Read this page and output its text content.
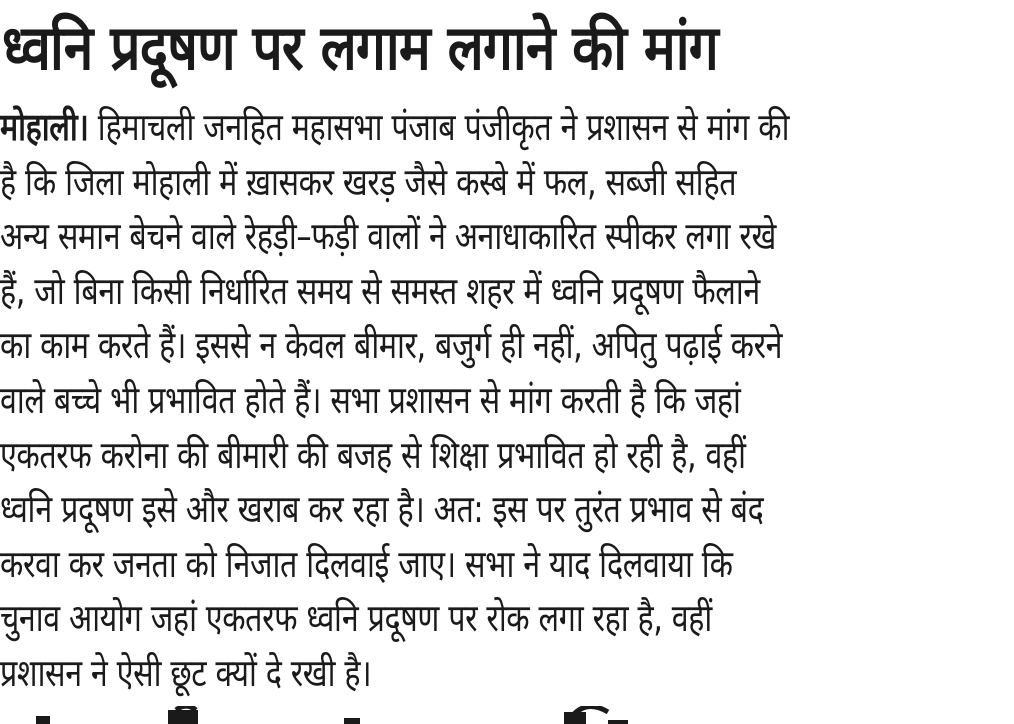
ध्वनि प्रदूषण पर लगाम लगाने की मांग
मोहाली। हिमाचली जनहित महासभा पंजाब पंजीकृत ने प्रशासन से मांग की
है कि जिला मोहाली में ख़ासकर खरड़ जैसे कस्बे में फल, सब्जी सहित
अन्य समान बेचने वाले रेहड़ी–फड़ी वालों ने अनाधाकारित स्पीकर लगा रखे
हैं, जो बिना किसी निर्धारित समय से समस्त शहर में ध्वनि प्रदूषण फैलाने
का काम करते हैं। इससे न केवल बीमार, बजुर्ग ही नहीं, अपितु पढ़ाई करने
वाले बच्चे भी प्रभावित होते हैं। सभा प्रशासन से मांग करती है कि जहां
एकतरफ करोना की बीमारी की बजह से शिक्षा प्रभावित हो रही है, वहीं
ध्वनि प्रदूषण इसे और खराब कर रहा है। अत: इस पर तुरंत प्रभाव से बंद
करवा कर जनता को निजात दिलवाई जाए। सभा ने याद दिलवाया कि
चुनाव आयोग जहां एकतरफ ध्वनि प्रदूषण पर रोक लगा रहा है, वहीं
प्रशासन ने ऐसी छूट क्यों दे रखी है।
